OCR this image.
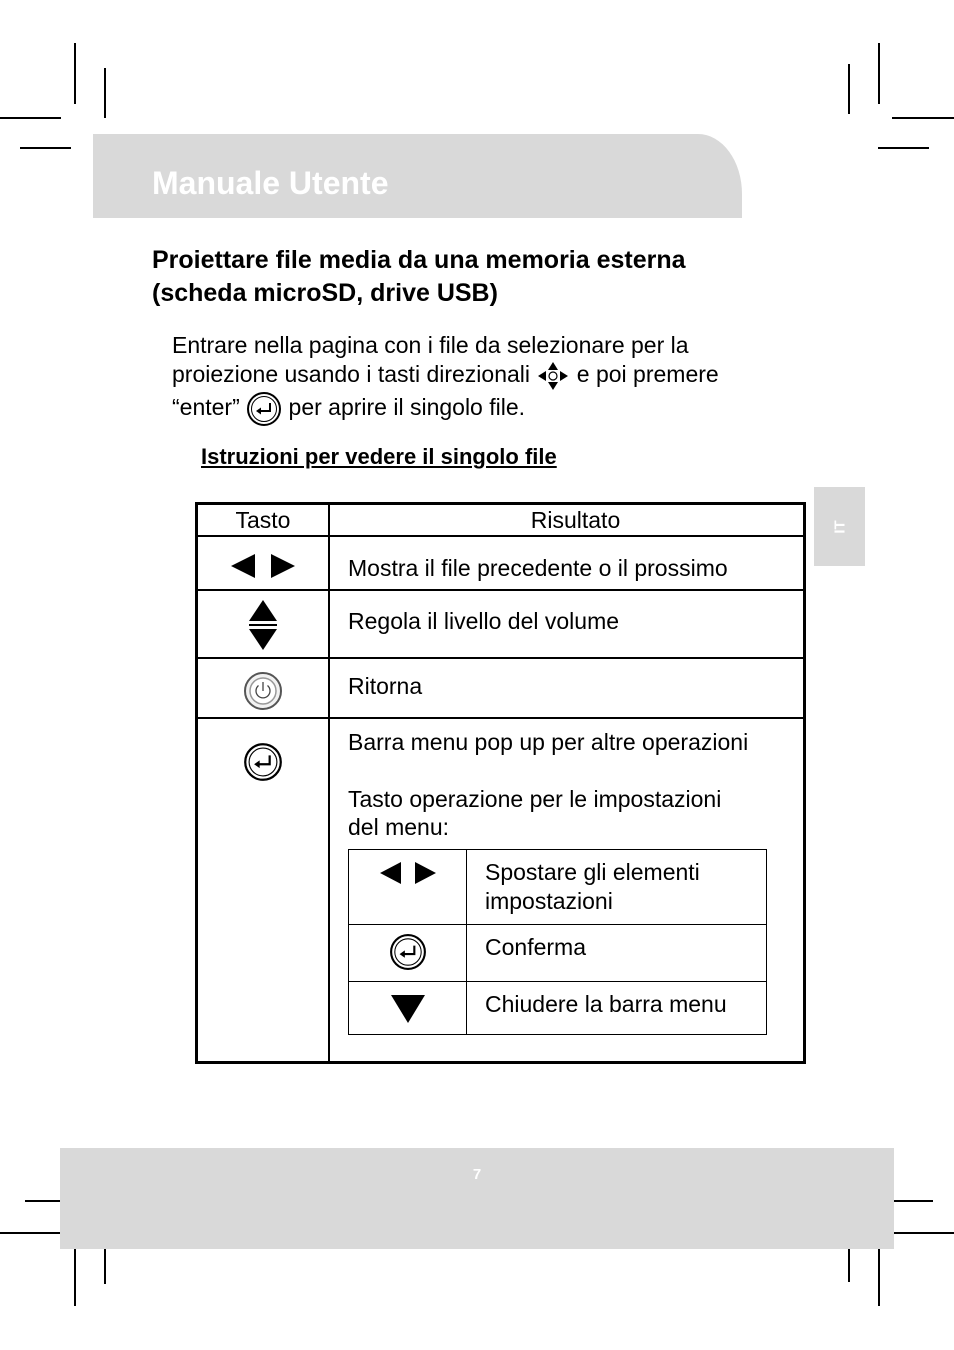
Manuale Utente
Proiettare file media da una memoria esterna
(scheda microSD, drive USB)
Entrare nella pagina con i file da selezionare per la
proiezione usando i tasti direzionali e poi premere
“enter” per aprire il singolo file.
Istruzioni per vedere il singolo file
IT
Tasto	Risultato
	Mostra il file precedente o il prossimo
	Regola il livello del volume
	Ritorna

Barra menu pop up per altre operazioni
Tasto operazione per le impostazioni
del menu:

Spostare gli elementi
impostazioni

Conferma

Chiudere la barra menu
7
